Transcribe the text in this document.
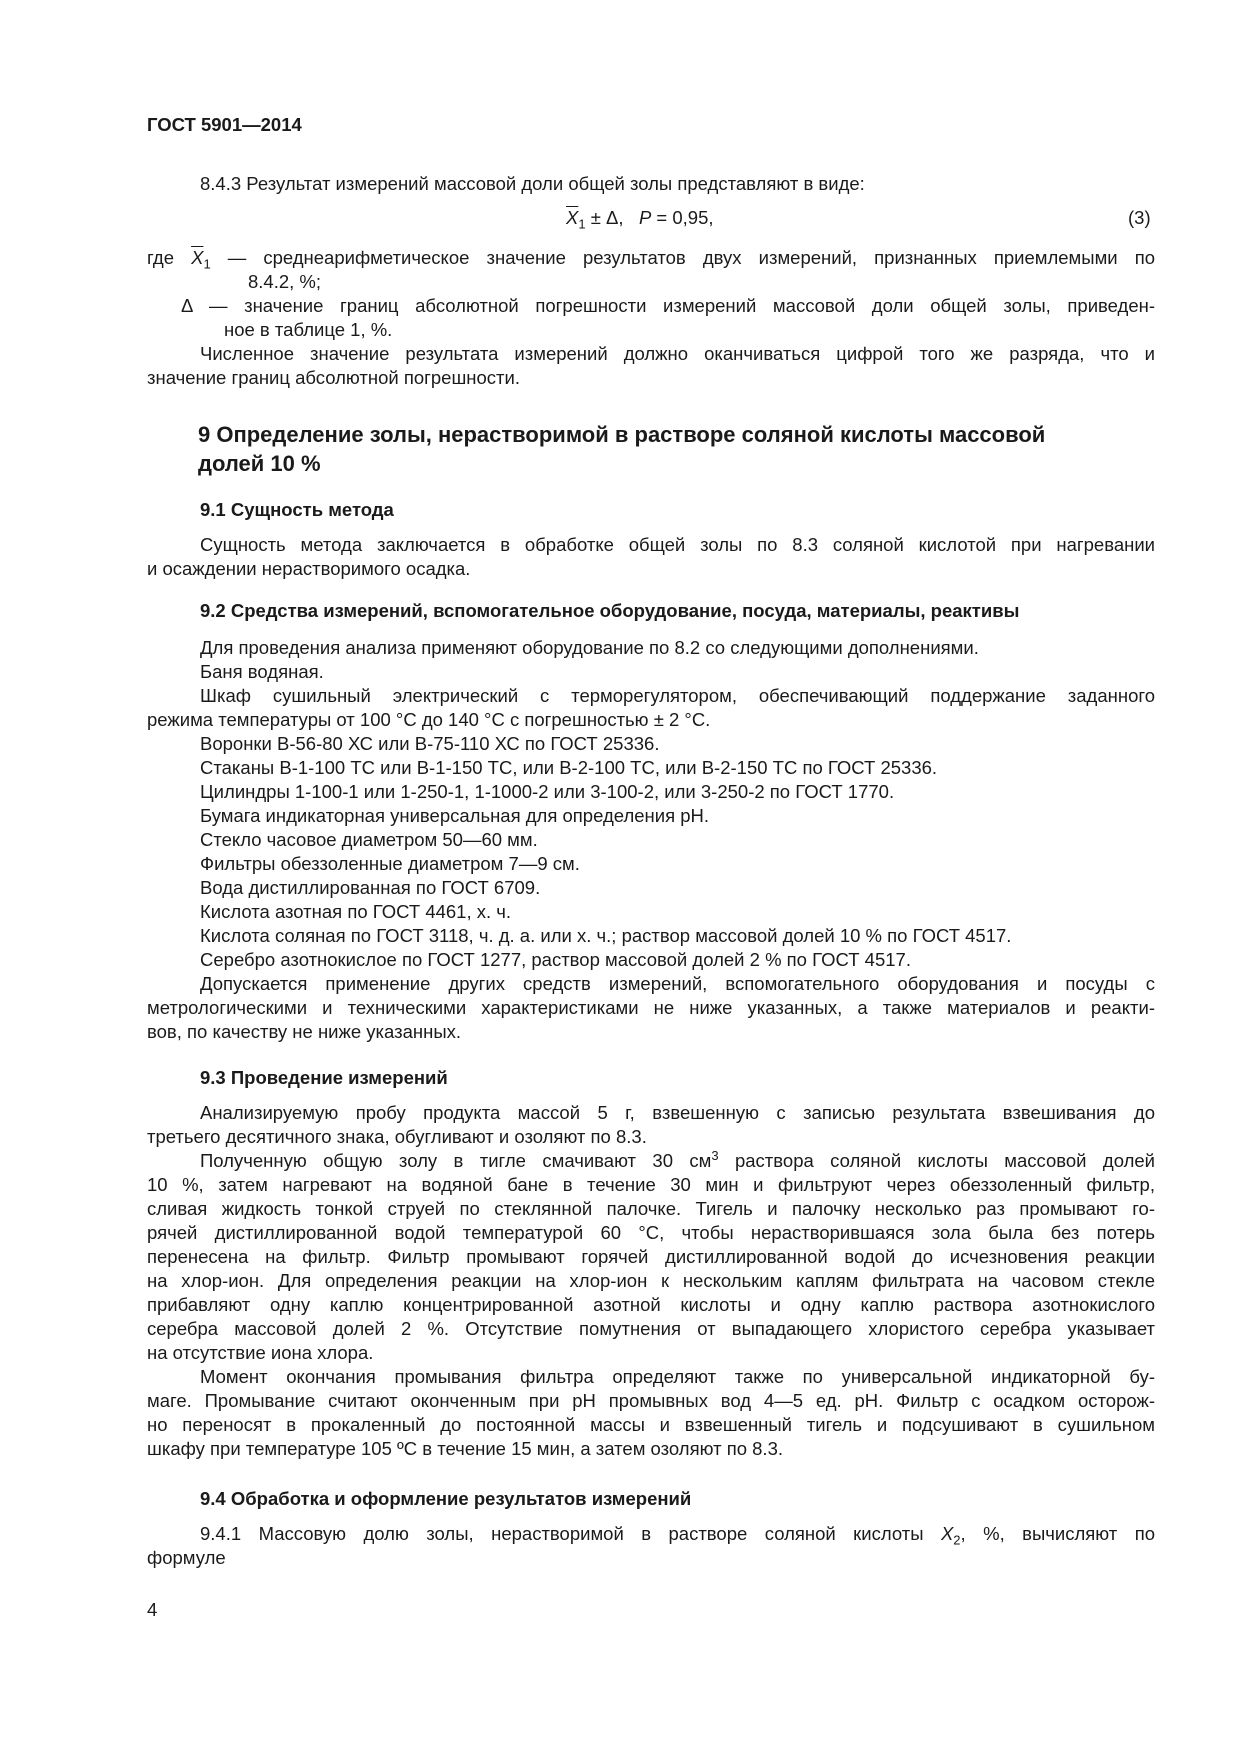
ГОСТ 5901—2014
8.4.3 Результат измерений массовой доли общей золы представляют в виде:
$\overline{X}_1 \pm \Delta$,   P = 0,95,	(3)
где $\overline{X}_1$ — среднеарифметическое значение результатов двух измерений, признанных приемлемыми по
8.4.2, %;
Δ — значение границ абсолютной погрешности измерений массовой доли общей золы, приведен-
ное в таблице 1, %.
Численное значение результата измерений должно оканчиваться цифрой того же разряда, что и
значение границ абсолютной погрешности.
9 Определение золы, нерастворимой в растворе соляной кислоты массовой
долей 10 %
9.1 Сущность метода
Сущность метода заключается в обработке общей золы по 8.3 соляной кислотой при нагревании
и осаждении нерастворимого осадка.
9.2 Средства измерений, вспомогательное оборудование, посуда, материалы, реактивы
Для проведения анализа применяют оборудование по 8.2 со следующими дополнениями.
Баня водяная.
Шкаф сушильный электрический с терморегулятором, обеспечивающий поддержание заданного
режима температуры от 100 °С до 140 °С с погрешностью ± 2 °С.
Воронки В-56-80 ХС или В-75-110 ХС по ГОСТ 25336.
Стаканы В-1-100 ТС или В-1-150 ТС, или В-2-100 ТС, или В-2-150 ТС по ГОСТ 25336.
Цилиндры 1-100-1 или 1-250-1, 1-1000-2 или 3-100-2, или 3-250-2 по ГОСТ 1770.
Бумага индикаторная универсальная для определения рН.
Стекло часовое диаметром 50—60 мм.
Фильтры обеззоленные диаметром 7—9 см.
Вода дистиллированная по ГОСТ 6709.
Кислота азотная по ГОСТ 4461, х. ч.
Кислота соляная по ГОСТ 3118, ч. д. а. или х. ч.; раствор массовой долей 10 % по ГОСТ 4517.
Серебро азотнокислое по ГОСТ 1277, раствор массовой долей 2 % по ГОСТ 4517.
Допускается применение других средств измерений, вспомогательного оборудования и посуды с
метрологическими и техническими характеристиками не ниже указанных, а также материалов и реакти-
вов, по качеству не ниже указанных.
9.3 Проведение измерений
Анализируемую пробу продукта массой 5 г, взвешенную с записью результата взвешивания до
третьего десятичного знака, обугливают и озоляют по 8.3.
Полученную общую золу в тигле смачивают 30 $см^3$ раствора соляной кислоты массовой долей
10 %, затем нагревают на водяной бане в течение 30 мин и фильтруют через обеззоленный фильтр,
сливая жидкость тонкой струей по стеклянной палочке. Тигель и палочку несколько раз промывают го-
рячей дистиллированной водой температурой 60 °С, чтобы нерастворившаяся зола была без потерь
перенесена на фильтр. Фильтр промывают горячей дистиллированной водой до исчезновения реакции
на хлор-ион. Для определения реакции на хлор-ион к нескольким каплям фильтрата на часовом стекле
прибавляют одну каплю концентрированной азотной кислоты и одну каплю раствора азотнокислого
серебра массовой долей 2 %. Отсутствие помутнения от выпадающего хлористого серебра указывает
на отсутствие иона хлора.
Момент окончания промывания фильтра определяют также по универсальной индикаторной бу-
маге. Промывание считают оконченным при рН промывных вод 4—5 ед. рН. Фильтр с осадком осторож-
но переносят в прокаленный до постоянной массы и взвешенный тигель и подсушивают в сушильном
шкафу при температуре 105 ºС в течение 15 мин, а затем озоляют по 8.3.
9.4 Обработка и оформление результатов измерений
9.4.1 Массовую долю золы, нерастворимой в растворе соляной кислоты $X_2$, %, вычисляют по
формуле
4
